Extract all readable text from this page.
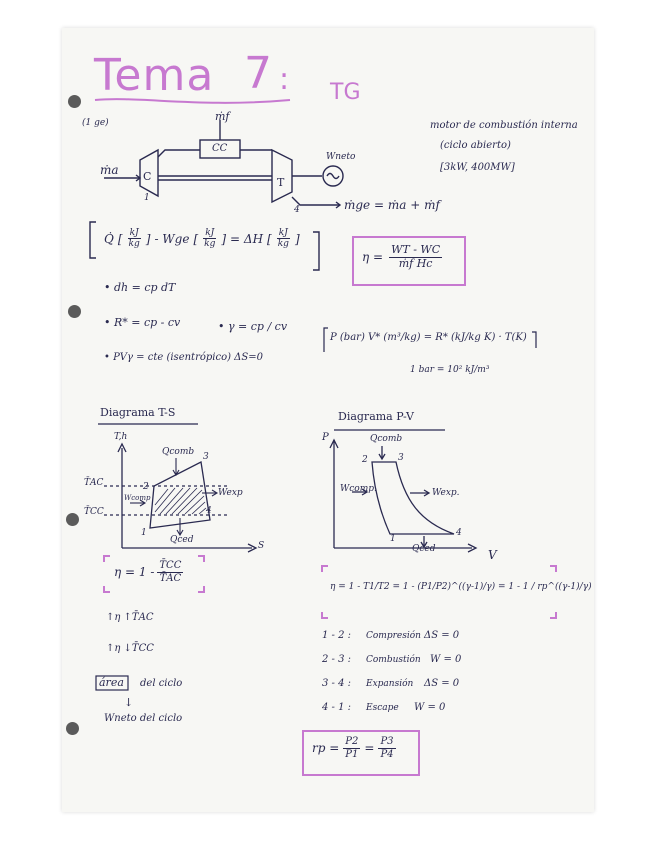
Tema 7 : TG
(1 ge)	motor de combustión interna
(ciclo abierto)
[3kW, 400MW]
ṁf
CC
ṁa C	T
Wneto
1
4	ṁge = ṁa + ṁf
Q̇ [ $\frac{kJ}{kg}$ ] - Wge [ $\frac{kJ}{kg}$ ] = ΔH [ $\frac{kJ}{kg}$ ]
$\eta = \frac{WT - WC}{\text{ṁf Hc}}$
• dh = cp dT
• R* = cp - cv	• γ = cp / cv
• PVγ = cte (isentrópico) ΔS=0
P (bar) V* (m³/kg) = R* (kJ/kg K) · T(K)
1 bar = 10² kJ/m³
Diagrama T-S
T,h
S
T̄AC
T̄CC
Qcomb
Qced
Wexp
Wcomp
1
2
3
4
Diagrama P-V
P
V
Qcomb
Qced
Wexp.
Wcomp.
1
2	3
4
$\eta = 1 - \frac{T̄CC}{T̄AC}$
η = 1 - T1/T2 = 1 - (P1/P2)^((γ-1)/γ) = 1 - 1 / rp^((γ-1)/γ)
↑η ↑T̄AC
↑η ↓T̄CC
área del ciclo
↓
Wneto del ciclo
1 - 2 : Compresión ΔS = 0
2 - 3 : Combustión W = 0
3 - 4 : Expansión ΔS = 0
4 - 1 : Escape W = 0
rp = $\frac{P2}{P1} = \frac{P3}{P4}$
